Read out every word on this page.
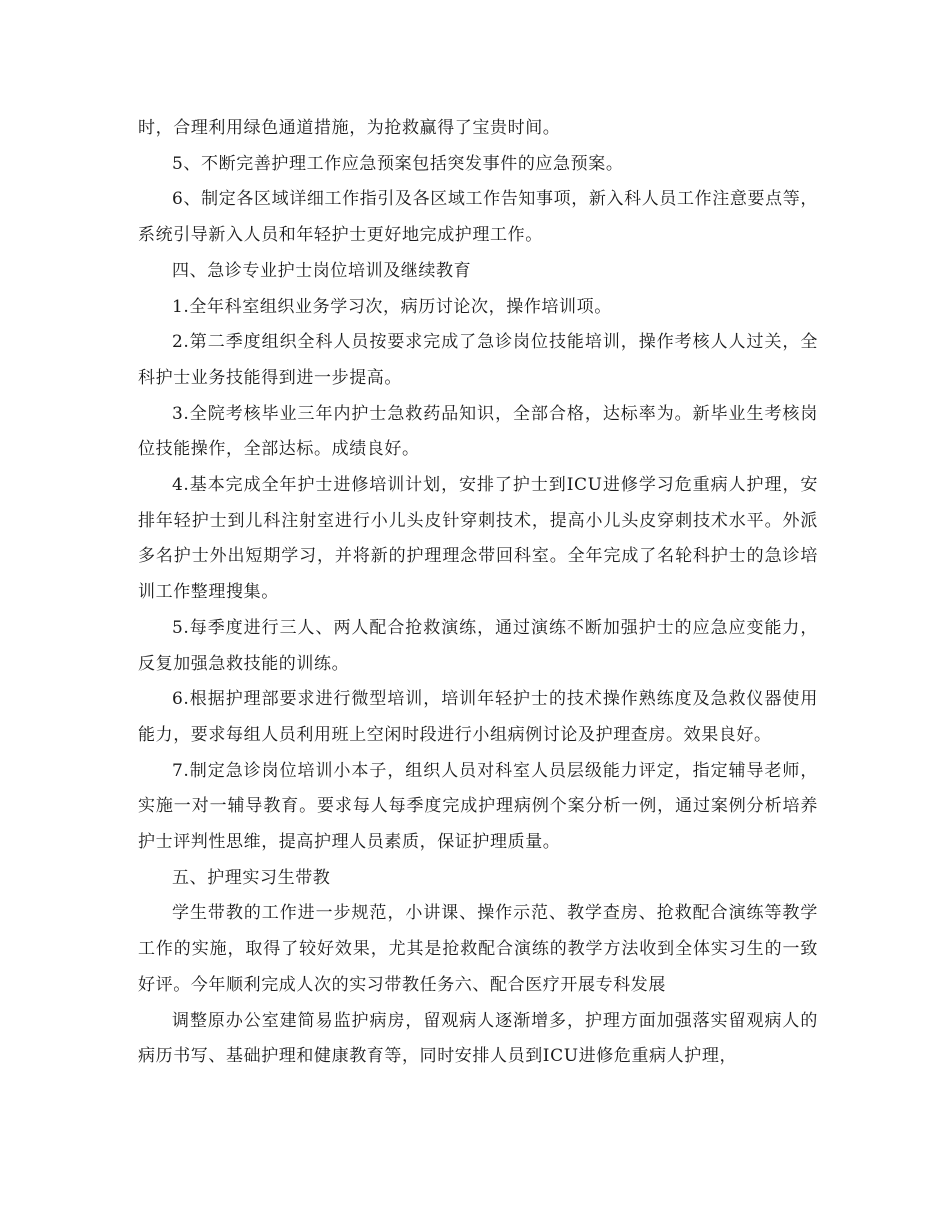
时，合理利用绿色通道措施，为抢救赢得了宝贵时间。

5、不断完善护理工作应急预案包括突发事件的应急预案。

6、制定各区域详细工作指引及各区域工作告知事项，新入科人员工作注意要点等，系统引导新入人员和年轻护士更好地完成护理工作。

四、急诊专业护士岗位培训及继续教育

1.全年科室组织业务学习次，病历讨论次，操作培训项。

2.第二季度组织全科人员按要求完成了急诊岗位技能培训，操作考核人人过关，全科护士业务技能得到进一步提高。

3.全院考核毕业三年内护士急救药品知识，全部合格，达标率为。新毕业生考核岗位技能操作，全部达标。成绩良好。

4.基本完成全年护士进修培训计划，安排了护士到ICU进修学习危重病人护理，安排年轻护士到儿科注射室进行小儿头皮针穿刺技术，提高小儿头皮穿刺技术水平。外派多名护士外出短期学习，并将新的护理理念带回科室。全年完成了名轮科护士的急诊培训工作整理搜集。

5.每季度进行三人、两人配合抢救演练，通过演练不断加强护士的应急应变能力，反复加强急救技能的训练。

6.根据护理部要求进行微型培训，培训年轻护士的技术操作熟练度及急救仪器使用能力，要求每组人员利用班上空闲时段进行小组病例讨论及护理查房。效果良好。

7.制定急诊岗位培训小本子，组织人员对科室人员层级能力评定，指定辅导老师，实施一对一辅导教育。要求每人每季度完成护理病例个案分析一例，通过案例分析培养护士评判性思维，提高护理人员素质，保证护理质量。

五、护理实习生带教

学生带教的工作进一步规范，小讲课、操作示范、教学查房、抢救配合演练等教学工作的实施，取得了较好效果，尤其是抢救配合演练的教学方法收到全体实习生的一致好评。今年顺利完成人次的实习带教任务六、配合医疗开展专科发展

调整原办公室建简易监护病房，留观病人逐渐增多，护理方面加强落实留观病人的病历书写、基础护理和健康教育等，同时安排人员到ICU进修危重病人护理，
